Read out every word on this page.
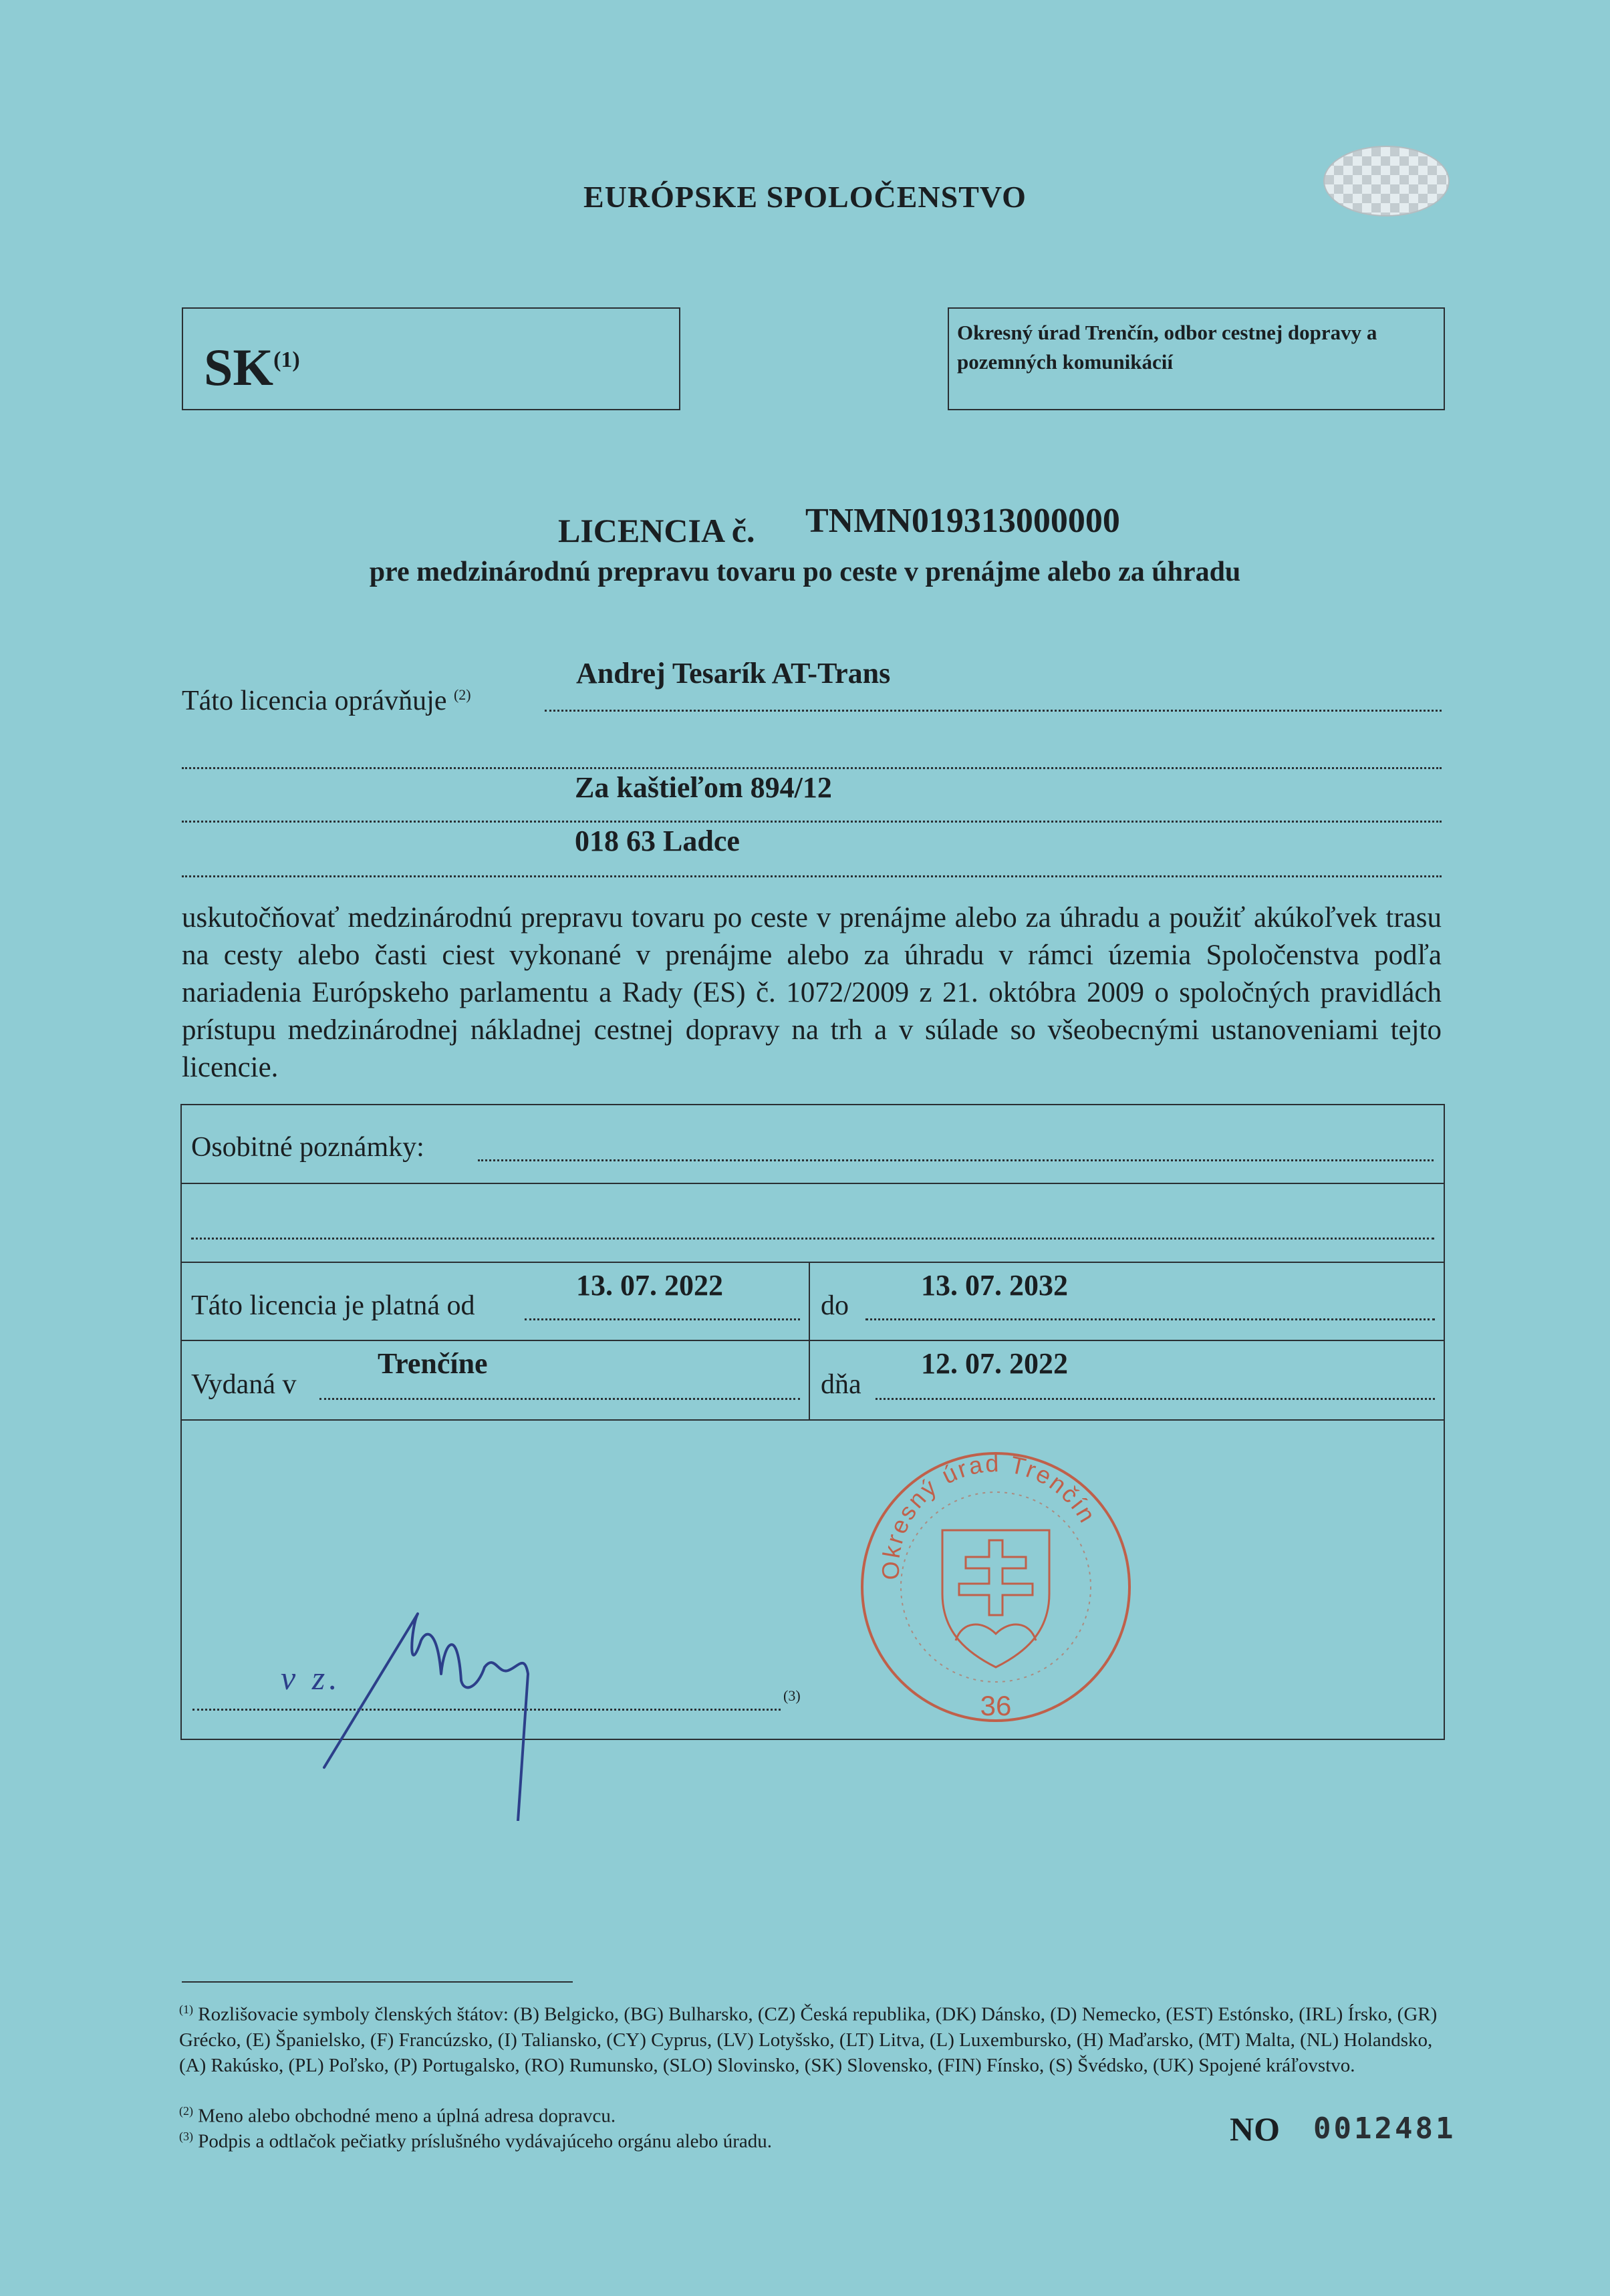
EURÓPSKE SPOLOČENSTVO
SK$^{(1)}$
Okresný úrad Trenčín, odbor cestnej dopravy a pozemných komunikácií
LICENCIA č. TNMN019313000000
pre medzinárodnú prepravu tovaru po ceste v prenájme alebo za úhradu
Andrej Tesarík AT-Trans
Táto licencia oprávňuje $^{(2)}$
Za kaštieľom 894/12
018 63 Ladce
uskutočňovať medzinárodnú prepravu tovaru po ceste v prenájme alebo za úhradu a použiť akúkoľvek trasu na cesty alebo časti ciest vykonané v prenájme alebo za úhradu v rámci územia Spoločenstva podľa nariadenia Európskeho parlamentu a Rady (ES) č. 1072/2009 z 21. októbra 2009 o spoločných pravidlách prístupu medzinárodnej nákladnej cestnej dopravy na trh a v súlade so všeobecnými ustanoveniami tejto licencie.
Osobitné poznámky:
13. 07. 2022
Táto licencia je platná od
13. 07. 2032
do
Trenčíne
Vydaná v
12. 07. 2022
dňa
(3)
v z.
Okresný úrad Trenčín
36
$^{(1)}$ Rozlišovacie symboly členských štátov: (B) Belgicko, (BG) Bulharsko, (CZ) Česká republika, (DK) Dánsko, (D) Nemecko, (EST) Estónsko, (IRL) Írsko, (GR) Grécko, (E) Španielsko, (F) Francúzsko, (I) Taliansko, (CY) Cyprus, (LV) Lotyšsko, (LT) Litva, (L) Luxembursko, (H) Maďarsko, (MT) Malta, (NL) Holandsko, (A) Rakúsko, (PL) Poľsko, (P) Portugalsko, (RO) Rumunsko, (SLO) Slovinsko, (SK) Slovensko, (FIN) Fínsko, (S) Švédsko, (UK) Spojené kráľovstvo.
$^{(2)}$ Meno alebo obchodné meno a úplná adresa dopravcu.
$^{(3)}$ Podpis a odtlačok pečiatky príslušného vydávajúceho orgánu alebo úradu.	NO 0012481
